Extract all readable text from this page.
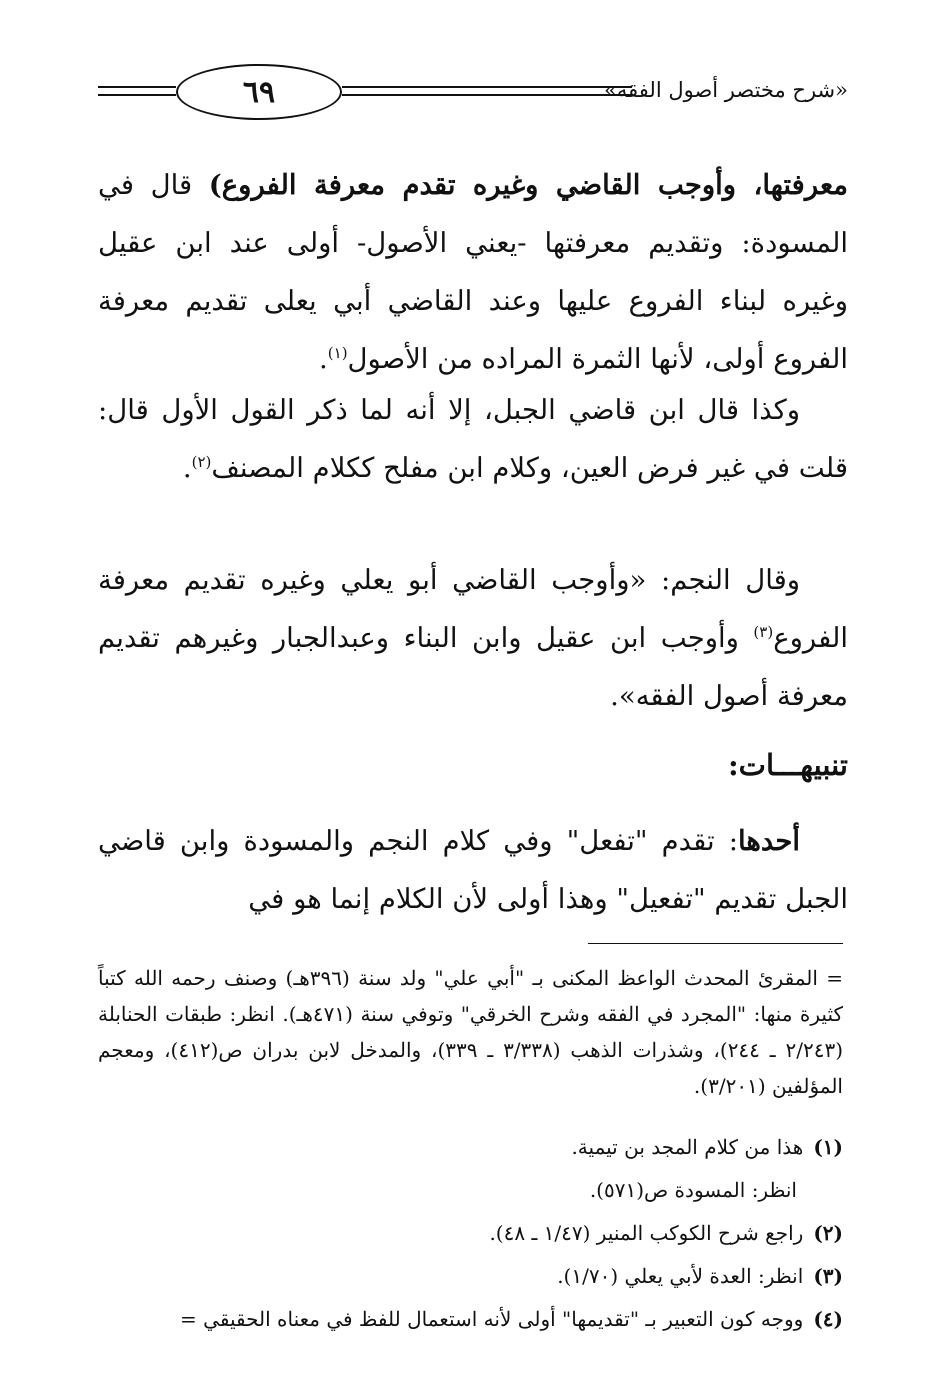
٦٩	«شرح مختصر أصول الفقه»
معرفتها، وأوجب القاضي وغيره تقدم معرفة الفروع) قال في المسودة: وتقديم معرفتها -يعني الأصول- أولى عند ابن عقيل وغيره لبناء الفروع عليها وعند القاضي أبي يعلى تقديم معرفة الفروع أولى، لأنها الثمرة المراده من الأصول$^{(١)}$.
وكذا قال ابن قاضي الجبل، إلا أنه لما ذكر القول الأول قال: قلت في غير فرض العين، وكلام ابن مفلح ككلام المصنف$^{(٢)}$.
وقال النجم: «وأوجب القاضي أبو يعلي وغيره تقديم معرفة الفروع$^{(٣)}$ وأوجب ابن عقيل وابن البناء وعبدالجبار وغيرهم تقديم معرفة أصول الفقه».
تنبيهـــات:
أحدها: تقدم "تفعل" وفي كلام النجم والمسودة وابن قاضي الجبل تقديم "تفعيل" وهذا أولى لأن الكلام إنما هو في
= المقرئ المحدث الواعظ المكنى بـ "أبي علي" ولد سنة (٣٩٦هـ) وصنف رحمه الله كتباً كثيرة منها: "المجرد في الفقه وشرح الخرقي" وتوفي سنة (٤٧١هـ). انظر: طبقات الحنابلة (٢/٢٤٣ ـ ٢٤٤)، وشذرات الذهب (٣/٣٣٨ ـ ٣٣٩)، والمدخل لابن بدران ص(٤١٢)، ومعجم المؤلفين (٣/٢٠١).
(١)هذا من كلام المجد بن تيمية.
انظر: المسودة ص(٥٧١).
(٢)راجع شرح الكوكب المنير (١/٤٧ ـ ٤٨).
(٣)انظر: العدة لأبي يعلي (١/٧٠).
(٤)ووجه كون التعبير بـ "تقديمها" أولى لأنه استعمال للفظ في معناه الحقيقي =
